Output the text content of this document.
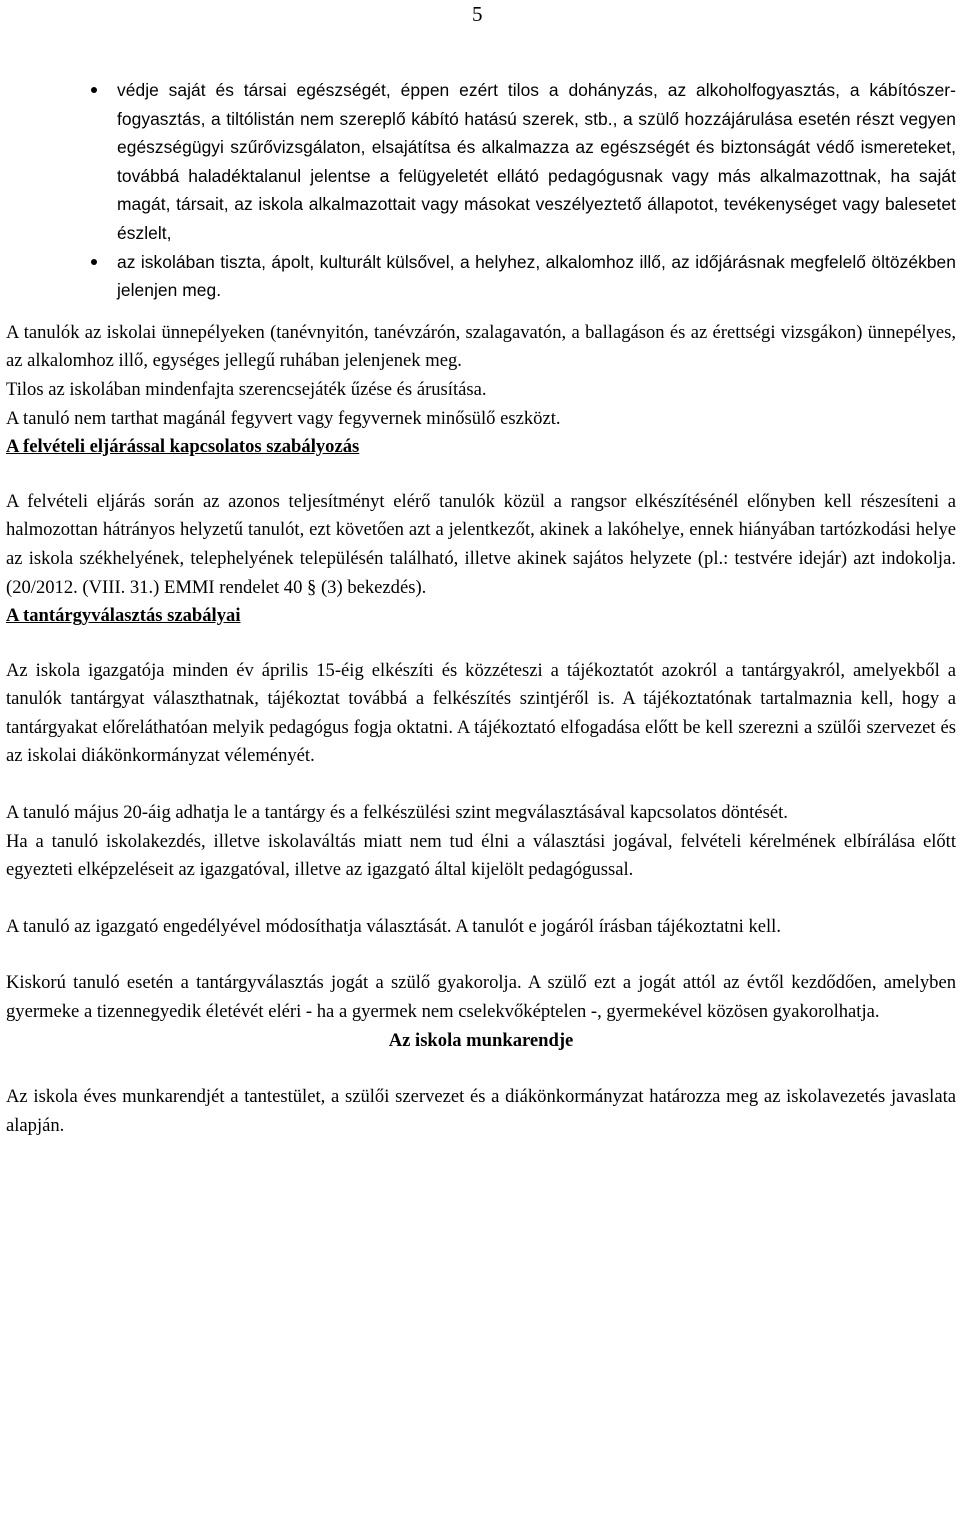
5
védje saját és társai egészségét, éppen ezért tilos a dohányzás, az alkoholfogyasztás, a kábítószer-fogyasztás, a tiltólistán nem szereplő kábító hatású szerek, stb., a szülő hozzájárulása esetén részt vegyen egészségügyi szűrővizsgálaton, elsajátítsa és alkalmazza az egészségét és biztonságát védő ismereteket, továbbá haladéktalanul jelentse a felügyeletét ellátó pedagógusnak vagy más alkalmazottnak, ha saját magát, társait, az iskola alkalmazottait vagy másokat veszélyeztető állapotot, tevékenységet vagy balesetet észlelt,
az iskolában tiszta, ápolt, kulturált külsővel, a helyhez, alkalomhoz illő, az időjárásnak megfelelő öltözékben jelenjen meg.

A tanulók az iskolai ünnepélyeken (tanévnyitón, tanévzárón, szalagavatón, a ballagáson és az érettségi vizsgákon) ünnepélyes, az alkalomhoz illő, egységes jellegű ruhában jelenjenek meg.

Tilos az iskolában mindenfajta szerencsejáték űzése és árusítása.

A tanuló nem tarthat magánál fegyvert vagy fegyvernek minősülő eszközt.

A felvételi eljárással kapcsolatos szabályozás

A felvételi eljárás során az azonos teljesítményt elérő tanulók közül a rangsor elkészítésénél előnyben kell részesíteni a halmozottan hátrányos helyzetű tanulót, ezt követően azt a jelentkezőt, akinek a lakóhelye, ennek hiányában tartózkodási helye az iskola székhelyének, telephelyének településén található, illetve akinek sajátos helyzete (pl.: testvére idejár) azt indokolja. (20/2012. (VIII. 31.) EMMI rendelet 40 § (3) bekezdés).

A tantárgyválasztás szabályai

Az iskola igazgatója minden év április 15-éig elkészíti és közzéteszi a tájékoztatót azokról a tantárgyakról, amelyekből a tanulók tantárgyat választhatnak, tájékoztat továbbá a felkészítés szintjéről is. A tájékoztatónak tartalmaznia kell, hogy a tantárgyakat előreláthatóan melyik pedagógus fogja oktatni. A tájékoztató elfogadása előtt be kell szerezni a szülői szervezet és az iskolai diákönkormányzat véleményét.

A tanuló május 20-áig adhatja le a tantárgy és a felkészülési szint megválasztásával kapcsolatos döntését.

Ha a tanuló iskolakezdés, illetve iskolaváltás miatt nem tud élni a választási jogával, felvételi kérelmének elbírálása előtt egyezteti elképzeléseit az igazgatóval, illetve az igazgató által kijelölt pedagógussal.

A tanuló az igazgató engedélyével módosíthatja választását. A tanulót e jogáról írásban tájékoztatni kell.

Kiskorú tanuló esetén a tantárgyválasztás jogát a szülő gyakorolja. A szülő ezt a jogát attól az évtől kezdődően, amelyben gyermeke a tizennegyedik életévét eléri - ha a gyermek nem cselekvőképtelen -, gyermekével közösen gyakorolhatja.

Az iskola munkarendje

Az iskola éves munkarendjét a tantestület, a szülői szervezet és a diákönkormányzat határozza meg az iskolavezetés javaslata alapján.
